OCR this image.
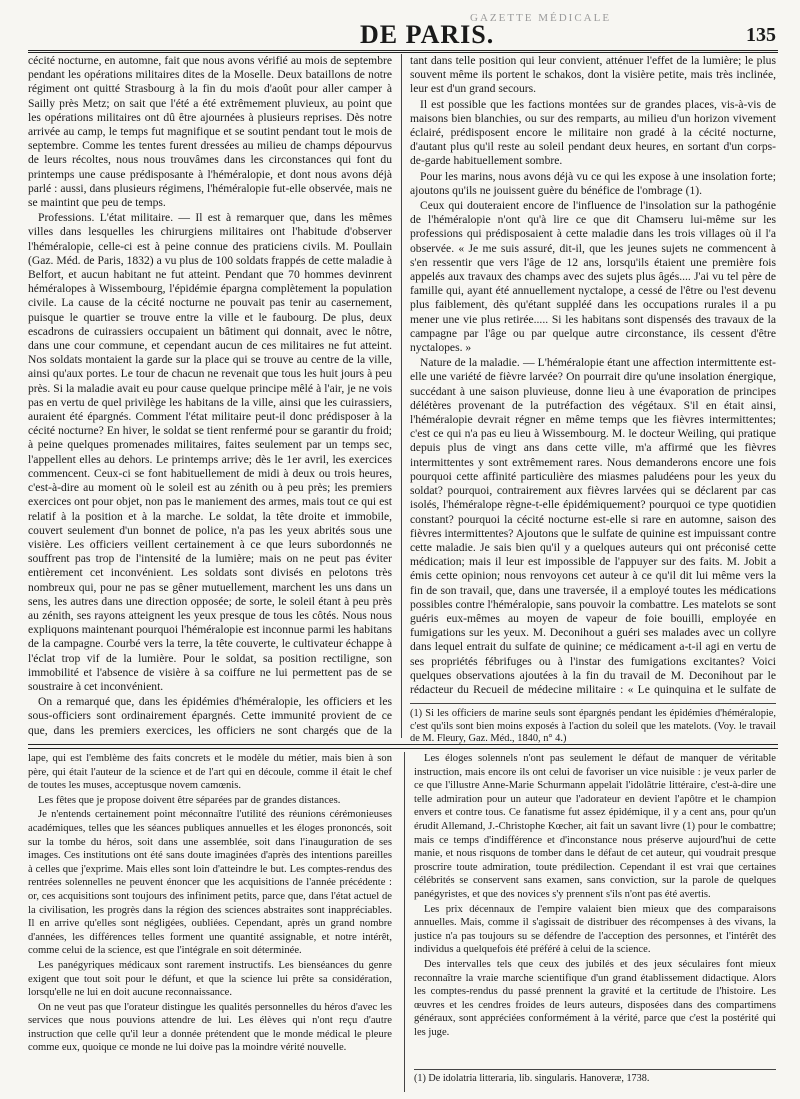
GAZETTE MÉDICALE
DE PARIS.	135

cécité nocturne, en automne, fait que nous avons vérifié au mois de septembre pendant les opérations militaires dites de la Moselle. Deux bataillons de notre régiment ont quitté Strasbourg à la fin du mois d'août pour aller camper à Sailly près Metz; on sait que l'été a été extrêmement pluvieux, au point que les opérations militaires ont dû être ajournées à plusieurs reprises. Dès notre arrivée au camp, le temps fut magnifique et se soutint pendant tout le mois de septembre. Comme les tentes furent dressées au milieu de champs dépourvus de leurs récoltes, nous nous trouvâmes dans les circonstances qui font du printemps une cause prédisposante à l'héméralopie, et dont nous avons déjà parlé : aussi, dans plusieurs régimens, l'héméralopie fut-elle observée, mais ne se maintint que peu de temps.

Professions. L'état militaire. — Il est à remarquer que, dans les mêmes villes dans lesquelles les chirurgiens militaires ont l'habitude d'observer l'héméralopie, celle-ci est à peine connue des praticiens civils. M. Poullain (Gaz. Méd. de Paris, 1832) a vu plus de 100 soldats frappés de cette maladie à Belfort, et aucun habitant ne fut atteint. Pendant que 70 hommes devinrent héméralopes à Wissembourg, l'épidémie épargna complètement la population civile. La cause de la cécité nocturne ne pouvait pas tenir au casernement, puisque le quartier se trouve entre la ville et le faubourg. De plus, deux escadrons de cuirassiers occupaient un bâtiment qui donnait, avec le nôtre, dans une cour commune, et cependant aucun de ces militaires ne fut atteint. Nos soldats montaient la garde sur la place qui se trouve au centre de la ville, ainsi qu'aux portes. Le tour de chacun ne revenait que tous les huit jours à peu près. Si la maladie avait eu pour cause quelque principe mêlé à l'air, je ne vois pas en vertu de quel privilège les habitans de la ville, ainsi que les cuirassiers, auraient été épargnés. Comment l'état militaire peut-il donc prédisposer à la cécité nocturne? En hiver, le soldat se tient renfermé pour se garantir du froid; à peine quelques promenades militaires, faites seulement par un temps sec, l'appellent elles au dehors. Le printemps arrive; dès le 1er avril, les exercices commencent. Ceux-ci se font habituellement de midi à deux ou trois heures, c'est-à-dire au moment où le soleil est au zénith ou à peu près; les premiers exercices ont pour objet, non pas le maniement des armes, mais tout ce qui est relatif à la position et à la marche. Le soldat, la tête droite et immobile, couvert seulement d'un bonnet de police, n'a pas les yeux abrités sous une visière. Les officiers veillent certainement à ce que leurs subordonnés ne souffrent pas trop de l'intensité de la lumière; mais on ne peut pas éviter entièrement cet inconvénient. Les soldats sont divisés en pelotons très nombreux qui, pour ne pas se gêner mutuellement, marchent les uns dans un sens, les autres dans une direction opposée; de sorte, le soleil étant à peu près au zénith, ses rayons atteignent les yeux presque de tous les côtés. Nous nous expliquons maintenant pourquoi l'héméralopie est inconnue parmi les habitans de la campagne. Courbé vers la terre, la tête couverte, le cultivateur échappe à l'éclat trop vif de la lumière. Pour le soldat, sa position rectiligne, son immobilité et l'absence de visière à sa coiffure ne lui permettent pas de se soustraire à cet inconvénient.

On a remarqué que, dans les épidémies d'héméralopie, les officiers et les sous-officiers sont ordinairement épargnés. Cette immunité provient de ce que, dans les premiers exercices, les officiers ne sont chargés que de la

tant dans telle position qui leur convient, atténuer l'effet de la lumière; le plus souvent même ils portent le schakos, dont la visière petite, mais très inclinée, leur est d'un grand secours.

Il est possible que les factions montées sur de grandes places, vis-à-vis de maisons bien blanchies, ou sur des remparts, au milieu d'un horizon vivement éclairé, prédisposent encore le militaire non gradé à la cécité nocturne, d'autant plus qu'il reste au soleil pendant deux heures, en sortant d'un corps-de-garde habituellement sombre.

Pour les marins, nous avons déjà vu ce qui les expose à une insolation forte; ajoutons qu'ils ne jouissent guère du bénéfice de l'ombrage (1).

Ceux qui douteraient encore de l'influence de l'insolation sur la pathogénie de l'héméralopie n'ont qu'à lire ce que dit Chamseru lui-même sur les professions qui prédisposaient à cette maladie dans les trois villages où il l'a observée. « Je me suis assuré, dit-il, que les jeunes sujets ne commencent à s'en ressentir que vers l'âge de 12 ans, lorsqu'ils étaient une première fois appelés aux travaux des champs avec des sujets plus âgés.... J'ai vu tel père de famille qui, ayant été annuellement nyctalope, a cessé de l'être ou l'est devenu plus faiblement, dès qu'étant suppléé dans les occupations rurales il a pu mener une vie plus retirée..... Si les habitans sont dispensés des travaux de la campagne par l'âge ou par quelque autre circonstance, ils cessent d'être nyctalopes. »

Nature de la maladie. — L'héméralopie étant une affection intermittente est-elle une variété de fièvre larvée? On pourrait dire qu'une insolation énergique, succédant à une saison pluvieuse, donne lieu à une évaporation de principes délétères provenant de la putréfaction des végétaux. S'il en était ainsi, l'héméralopie devrait régner en même temps que les fièvres intermittentes; c'est ce qui n'a pas eu lieu à Wissembourg. M. le docteur Weiling, qui pratique depuis plus de vingt ans dans cette ville, m'a affirmé que les fièvres intermittentes y sont extrêmement rares. Nous demanderons encore une fois pourquoi cette affinité particulière des miasmes paludéens pour les yeux du soldat? pourquoi, contrairement aux fièvres larvées qui se déclarent par cas isolés, l'héméralope règne-t-elle épidémiquement? pourquoi ce type quotidien constant? pourquoi la cécité nocturne est-elle si rare en automne, saison des fièvres intermittentes? Ajoutons que le sulfate de quinine est impuissant contre cette maladie. Je sais bien qu'il y a quelques auteurs qui ont préconisé cette médication; mais il leur est impossible de l'appuyer sur des faits. M. Jobit a émis cette opinion; nous renvoyons cet auteur à ce qu'il dit lui même vers la fin de son travail, que, dans une traversée, il a employé toutes les médications possibles contre l'héméralopie, sans pouvoir la combattre. Les matelots se sont guéris eux-mêmes au moyen de vapeur de foie bouilli, employée en fumigations sur les yeux. M. Deconihout a guéri ses malades avec un collyre dans lequel entrait du sulfate de quinine; ce médicament a-t-il agi en vertu de ses propriétés fébrifuges ou à l'instar des fumigations excitantes? Voici quelques observations ajoutées à la fin du travail de M. Deconihout par le rédacteur du Recueil de médecine militaire : « Le quinquina et le sulfate de

(1) Si les officiers de marine seuls sont épargnés pendant les épidémies d'héméralopie, c'est qu'ils sont bien moins exposés à l'action du soleil que les matelots. (Voy. le travail de M. Fleury, Gaz. Méd., 1840, n° 4.)

lape, qui est l'emblème des faits concrets et le modèle du métier, mais bien à son père, qui était l'auteur de la science et de l'art qui en découle, comme il était le chef de toutes les muses, acceptusque novem camœnis.

Les fêtes que je propose doivent être séparées par de grandes distances.

Je n'entends certainement point méconnaître l'utilité des réunions cérémonieuses académiques, telles que les séances publiques annuelles et les éloges prononcés, soit sur la tombe du héros, soit dans une assemblée, soit dans l'inauguration de ses images. Ces institutions ont été sans doute imaginées d'après des intentions pareilles à celles que j'exprime. Mais elles sont loin d'atteindre le but. Les comptes-rendus des rentrées solennelles ne peuvent énoncer que les acquisitions de l'année précédente : or, ces acquisitions sont toujours des infiniment petits, parce que, dans l'état actuel de la civilisation, les progrès dans la région des sciences abstraites sont inappréciables. Il en arrive qu'elles sont négligées, oubliées. Cependant, après un grand nombre d'années, les différences telles forment une quantité assignable, et notre intérêt, comme celui de la science, est que l'intégrale en soit déterminée.

Les panégyriques médicaux sont rarement instructifs. Les bienséances du genre exigent que tout soit pour le défunt, et que la science lui prête sa considération, lorsqu'elle ne lui en doit aucune reconnaissance.

On ne veut pas que l'orateur distingue les qualités personnelles du héros d'avec les services que nous pouvions attendre de lui. Les élèves qui n'ont reçu d'autre instruction que celle qu'il leur a donnée prétendent que le monde médical le pleure comme eux, quoique ce monde ne lui doive pas la moindre vérité nouvelle.

Les éloges solennels n'ont pas seulement le défaut de manquer de véritable instruction, mais encore ils ont celui de favoriser un vice nuisible : je veux parler de ce que l'illustre Anne-Marie Schurmann appelait l'idolâtrie littéraire, c'est-à-dire une telle admiration pour un auteur que l'adorateur en devient l'apôtre et le champion envers et contre tous. Ce fanatisme fut assez épidémique, il y a cent ans, pour qu'un érudit Allemand, J.-Christophe Kœcher, ait fait un savant livre (1) pour le combattre; mais ce temps d'indifférence et d'inconstance nous préserve aujourd'hui de cette manie, et nous risquons de tomber dans le défaut de cet auteur, qui voudrait presque proscrire toute admiration, toute prédilection. Cependant il est vrai que certaines célébrités se conservent sans examen, sans conviction, sur la parole de quelques panégyristes, et que des novices s'y prennent s'ils n'ont pas été avertis.

Les prix décennaux de l'empire valaient bien mieux que des comparaisons annuelles. Mais, comme il s'agissait de distribuer des récompenses à des vivans, la justice n'a pas toujours su se défendre de l'acception des personnes, et l'intérêt des individus a quelquefois été préféré à celui de la science.

Des intervalles tels que ceux des jubilés et des jeux séculaires font mieux reconnaître la vraie marche scientifique d'un grand établissement didactique. Alors les comptes-rendus du passé prennent la gravité et la certitude de l'histoire. Les œuvres et les cendres froides de leurs auteurs, disposées dans des compartimens généraux, sont appréciées conformément à la vérité, parce que c'est la postérité qui les juge.

(1) De idolatria litteraria, lib. singularis. Hanoveræ, 1738.
